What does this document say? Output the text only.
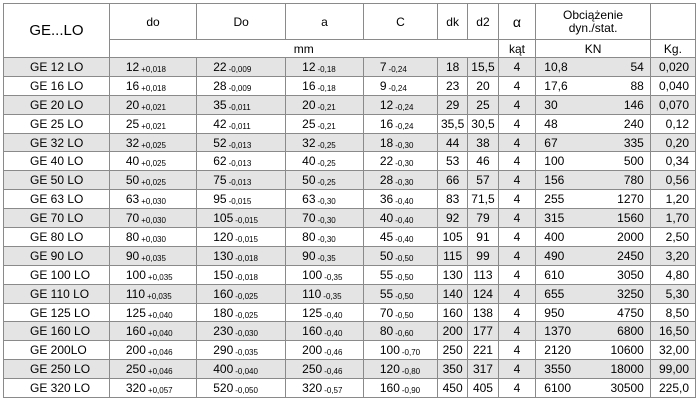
GE...LO	do	Do	a	C	dk	d2	α	Obciążenie
dyn./stat.		

	mm						kąt	KN		Kg.
GE 12 LO	12 +0,018	22 -0,009	12 -0,18	7 -0,24	18	15,5	4	10,8	54	0,020
GE 16 LO	16 +0,018	28 -0,009	16 -0,18	9 -0,24	23	20	4	17,6	88	0,040
GE 20 LO	20 +0,021	35 -0,011	20 -0,21	12 -0,24	29	25	4	30	146	0,070
GE 25 LO	25 +0,021	42 -0,011	25 -0,21	16 -0,24	35,5	30,5	4	48	240	0,12
GE 32 LO	32 +0,025	52 -0,013	32 -0,25	18 -0,30	44	38	4	67	335	0,20
GE 40 LO	40 +0,025	62 -0,013	40 -0,25	22 -0,30	53	46	4	100	500	0,34
GE 50 LO	50 +0,025	75 -0,013	50 -0,25	28 -0,30	66	57	4	156	780	0,56
GE 63 LO	63 +0,030	95 -0,015	63 -0,30	36 -0,40	83	71,5	4	255	1270	1,20
GE 70 LO	70 +0,030	105 -0,015	70 -0,30	40 -0,40	92	79	4	315	1560	1,70
GE 80 LO	80 +0,030	120 -0,015	80 -0,30	45 -0,40	105	91	4	400	2000	2,50
GE 90 LO	90 +0,035	130 -0,018	90 -0,35	50 -0,50	115	99	4	490	2450	3,20
GE 100 LO	100 +0,035	150 -0,018	100 -0,35	55 -0,50	130	113	4	610	3050	4,80
GE 110 LO	110 +0,035	160 -0,025	110 -0,35	55 -0,50	140	124	4	655	3250	5,30
GE 125 LO	125 +0,040	180 -0,025	125 -0,40	70 -0,50	160	138	4	950	4750	8,50
GE 160 LO	160 +0,040	230 -0,030	160 -0,40	80 -0,60	200	177	4	1370	6800	16,50
GE 200LO	200 +0,046	290 -0,035	200 -0,46	100 -0,70	250	221	4	2120	10600	32,00
GE 250 LO	250 +0,046	400 -0,040	250 -0,46	120 -0,80	350	317	4	3550	18000	99,00
GE 320 LO	320 +0,057	520 -0,050	320 -0,57	160 -0,90	450	405	4	6100	30500	225,0
